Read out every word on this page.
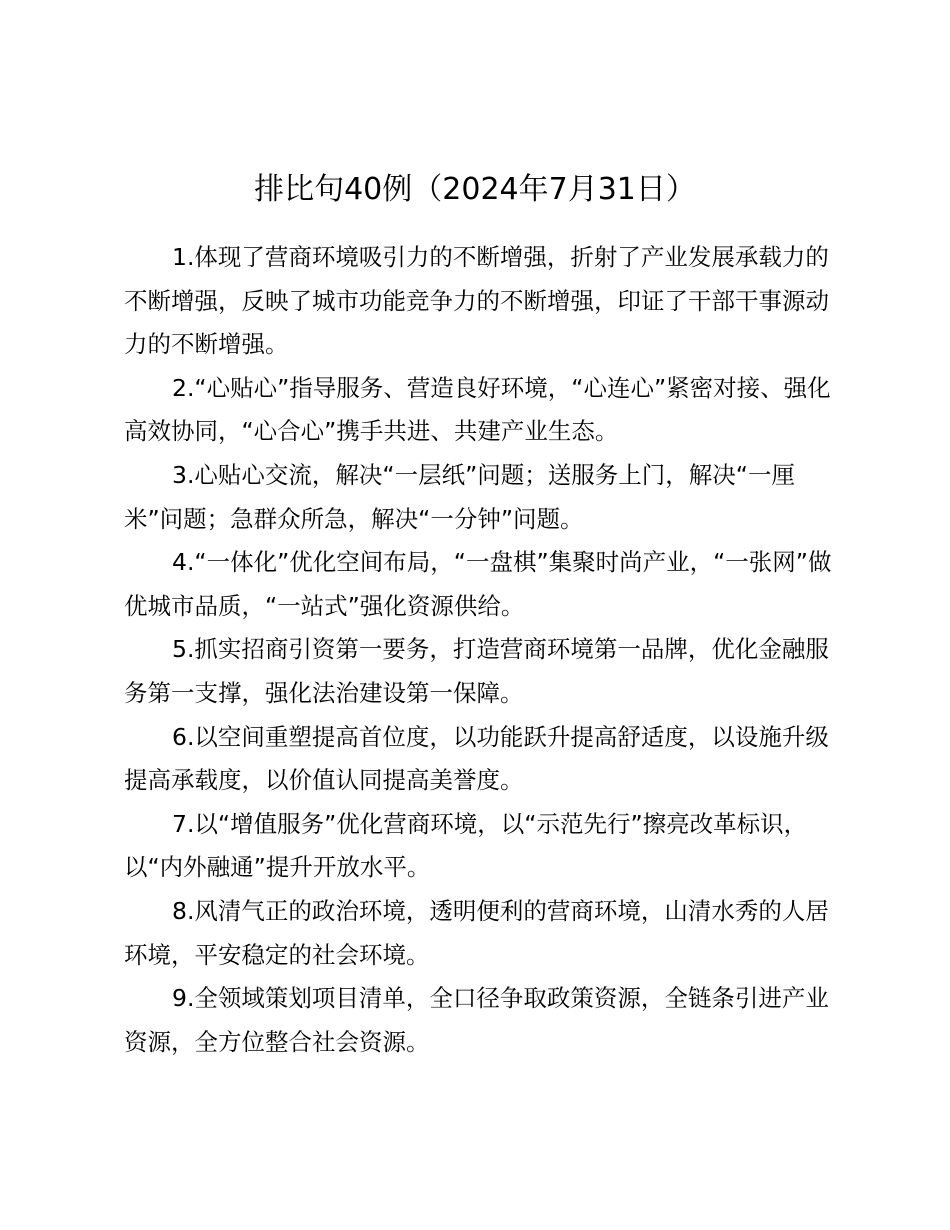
排比句40例（2024年7月31日）

1.体现了营商环境吸引力的不断增强，折射了产业发展承载力的不断增强，反映了城市功能竞争力的不断增强，印证了干部干事源动力的不断增强。

2.“心贴心”指导服务、营造良好环境，“心连心”紧密对接、强化高效协同，“心合心”携手共进、共建产业生态。

3.心贴心交流，解决“一层纸”问题；送服务上门，解决“一厘米”问题；急群众所急，解决“一分钟”问题。

4.“一体化”优化空间布局，“一盘棋”集聚时尚产业，“一张网”做优城市品质，“一站式”强化资源供给。

5.抓实招商引资第一要务，打造营商环境第一品牌，优化金融服务第一支撑，强化法治建设第一保障。

6.以空间重塑提高首位度，以功能跃升提高舒适度，以设施升级提高承载度，以价值认同提高美誉度。

7.以“增值服务”优化营商环境，以“示范先行”擦亮改革标识，以“内外融通”提升开放水平。

8.风清气正的政治环境，透明便利的营商环境，山清水秀的人居环境，平安稳定的社会环境。

9.全领域策划项目清单，全口径争取政策资源，全链条引进产业资源，全方位整合社会资源。
